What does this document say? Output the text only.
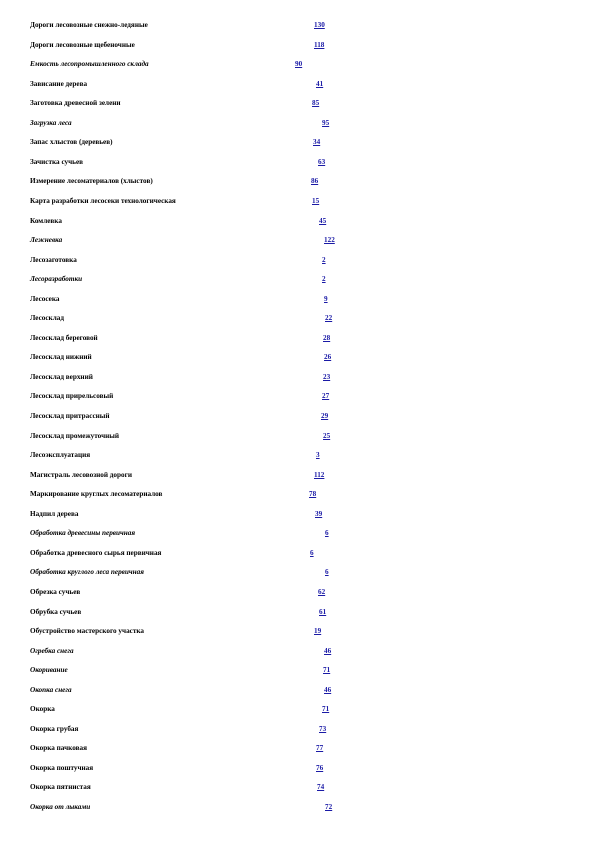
Дороги лесовозные снежно-ледяные	130
Дороги лесовозные щебеночные	118
Емкость лесопромышленного склада	90
Зависание дерева	41
Заготовка древесной зелени	85
Загрузка леса	95
Запас хлыстов (деревьев)	34
Зачистка сучьев	63
Измерение лесоматериалов (хлыстов)	86
Карта разработки лесосеки технологическая	15
Комлевка	45
Лежневка	122
Лесозаготовка	2
Лесоразработки	2
Лесосека	9
Лесосклад	22
Лесосклад береговой	28
Лесосклад нижний	26
Лесосклад верхний	23
Лесосклад прирельсовый	27
Лесосклад притрассный	29
Лесосклад промежуточный	25
Лесоэксплуатация	3
Магистраль лесовозной дороги	112
Маркирование круглых лесоматериалов	78
Надпил дерева	39
Обработка древесины первичная	6
Обработка древесного сырья первичная	6
Обработка круглого леса первичная	6
Обрезка сучьев	62
Обрубка сучьев	61
Обустройство мастерского участка	19
Огребка снега	46
Окоривание	71
Окопка снега	46
Окорка	71
Окорка грубая	73
Окорка пачковая	77
Окорка поштучная	76
Окорка пятнистая	74
Окорка от лыками	72
